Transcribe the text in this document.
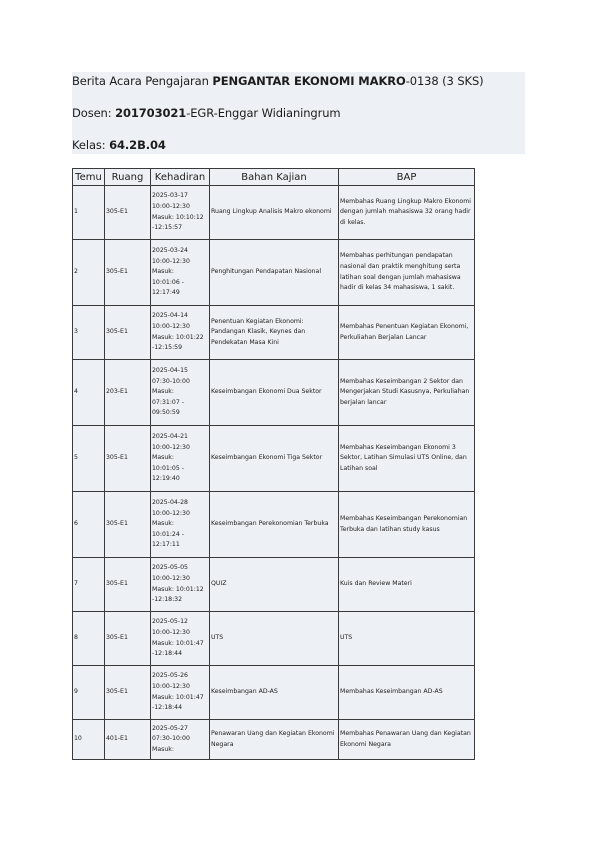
Berita Acara Pengajaran PENGANTAR EKONOMI MAKRO-0138 (3 SKS)
Dosen: 201703021-EGR-Enggar Widianingrum
Kelas: 64.2B.04
Temu	Ruang	Kehadiran	Bahan Kajian	BAP
1	305-E1	2025-03-17
10:00-12:30
Masuk: 10:10:12
-12:15:57	Ruang Lingkup Analisis Makro ekonomi	Membahas Ruang Lingkup Makro Ekonomi dengan jumlah mahasiswa 32 orang hadir di kelas.
2	305-E1	2025-03-24
10:00-12:30
Masuk:
10:01:06 -
12:17:49	Penghitungan Pendapatan Nasional	Membahas perhitungan pendapatan nasional dan praktik menghitung serta latihan soal dengan jumlah mahasiswa hadir di kelas 34 mahasiswa, 1 sakit.
3	305-E1	2025-04-14
10:00-12:30
Masuk: 10:01:22
-12:15:59	Penentuan Kegiatan Ekonomi: Pandangan Klasik, Keynes dan Pendekatan Masa Kini	Membahas Penentuan Kegiatan Ekonomi, Perkuliahan Berjalan Lancar
4	203-E1	2025-04-15
07:30-10:00
Masuk:
07:31:07 -
09:50:59	Keseimbangan Ekonomi Dua Sektor	Membahas Keseimbangan 2 Sektor dan Mengerjakan Studi Kasusnya, Perkuliahan berjalan lancar
5	305-E1	2025-04-21
10:00-12:30
Masuk:
10:01:05 -
12:19:40	Keseimbangan Ekonomi Tiga Sektor	Membahas Keseimbangan Ekonomi 3 Sektor, Latihan Simulasi UTS Online, dan Latihan soal
6	305-E1	2025-04-28
10:00-12:30
Masuk:
10:01:24 -
12:17:11	Keseimbangan Perekonomian Terbuka	Membahas Keseimbangan Perekonomian Terbuka dan latihan study kasus
7	305-E1	2025-05-05
10:00-12:30
Masuk: 10:01:12
-12:18:32	QUIZ	Kuis dan Review Materi
8	305-E1	2025-05-12
10:00-12:30
Masuk: 10:01:47
-12:18:44	UTS	UTS
9	305-E1	2025-05-26
10:00-12:30
Masuk: 10:01:47
-12:18:44	Keseimbangan AD-AS	Membahas Keseimbangan AD-AS
10	401-E1	2025-05-27
07:30-10:00
Masuk:	Penawaran Uang dan Kegiatan Ekonomi Negara	Membahas Penawaran Uang dan Kegiatan Ekonomi Negara
